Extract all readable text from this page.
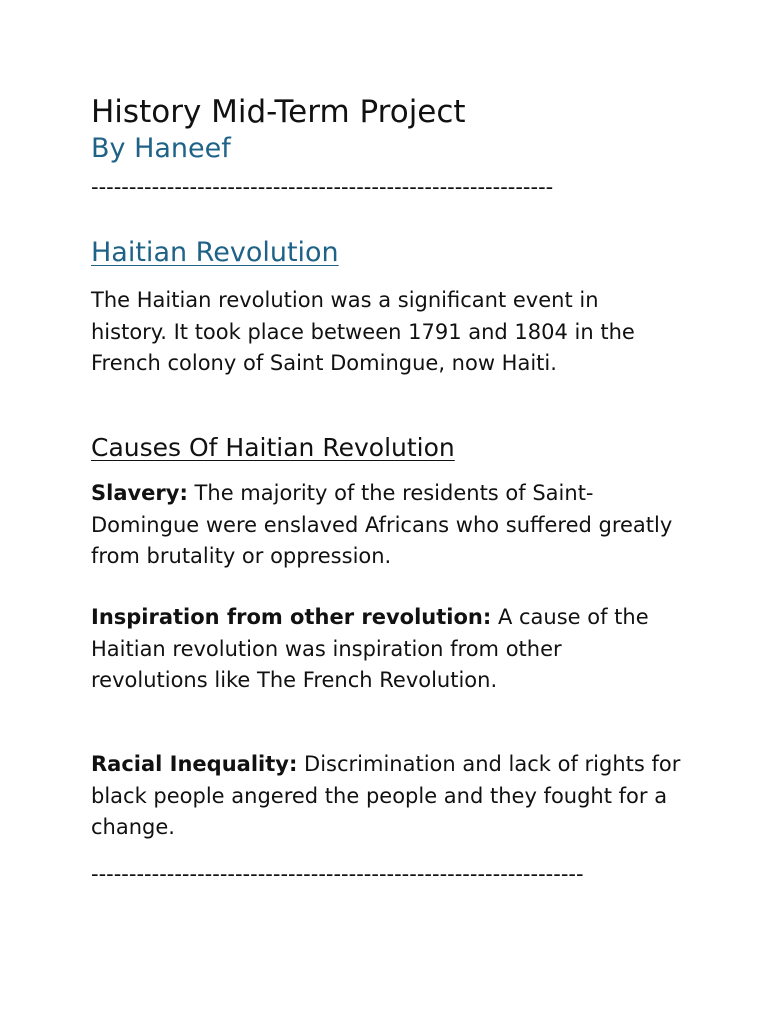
History Mid-Term Project
By Haneef
-------------------------------------------------------------
Haitian Revolution

The Haitian revolution was a significant event in history. It took place between 1791 and 1804 in the French colony of Saint Domingue, now Haiti.

Causes Of Haitian Revolution

Slavery: The majority of the residents of Saint-Domingue were enslaved Africans who suffered greatly from brutality or oppression.

Inspiration from other revolution: A cause of the Haitian revolution was inspiration from other revolutions like The French Revolution.

Racial Inequality: Discrimination and lack of rights for black people angered the people and they fought for a change.

-----------------------------------------------------------------
